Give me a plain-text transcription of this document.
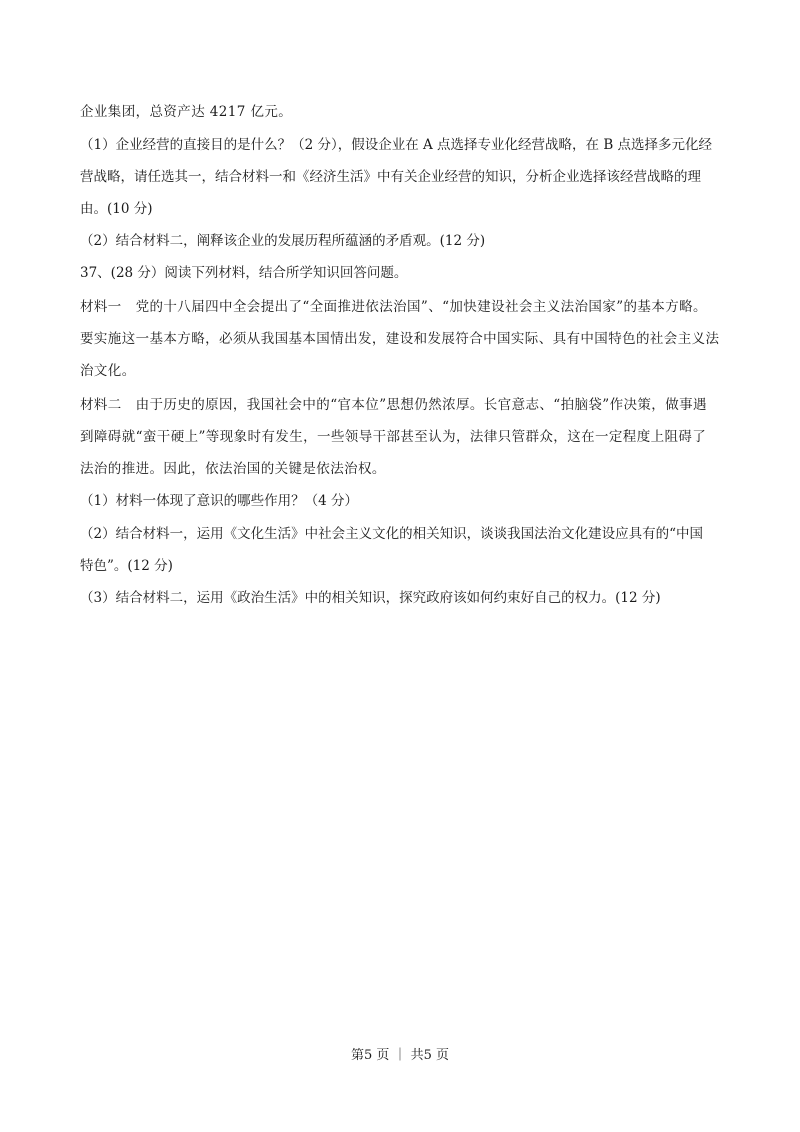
企业集团，总资产达 4217 亿元。
（1）企业经营的直接目的是什么？（2 分），假设企业在 A 点选择专业化经营战略，在 B 点选择多元化经
营战略，请任选其一，结合材料一和《经济生活》中有关企业经营的知识，分析企业选择该经营战略的理
由。(10 分)
（2）结合材料二，阐释该企业的发展历程所蕴涵的矛盾观。(12 分)
37、(28 分）阅读下列材料，结合所学知识回答问题。
材料一　党的十八届四中全会提出了“全面推进依法治国”、“加快建设社会主义法治国家”的基本方略。
要实施这一基本方略，必须从我国基本国情出发，建设和发展符合中国实际、具有中国特色的社会主义法
治文化。
材料二　由于历史的原因，我国社会中的“官本位”思想仍然浓厚。长官意志、“拍脑袋”作决策，做事遇
到障碍就“蛮干硬上”等现象时有发生，一些领导干部甚至认为，法律只管群众，这在一定程度上阻碍了
法治的推进。因此，依法治国的关键是依法治权。
（1）材料一体现了意识的哪些作用？（4 分）
（2）结合材料一，运用《文化生活》中社会主义文化的相关知识，谈谈我国法治文化建设应具有的“中国
特色”。(12 分)
（3）结合材料二，运用《政治生活》中的相关知识，探究政府该如何约束好自己的权力。(12 分)
第5 页 ｜ 共5 页
